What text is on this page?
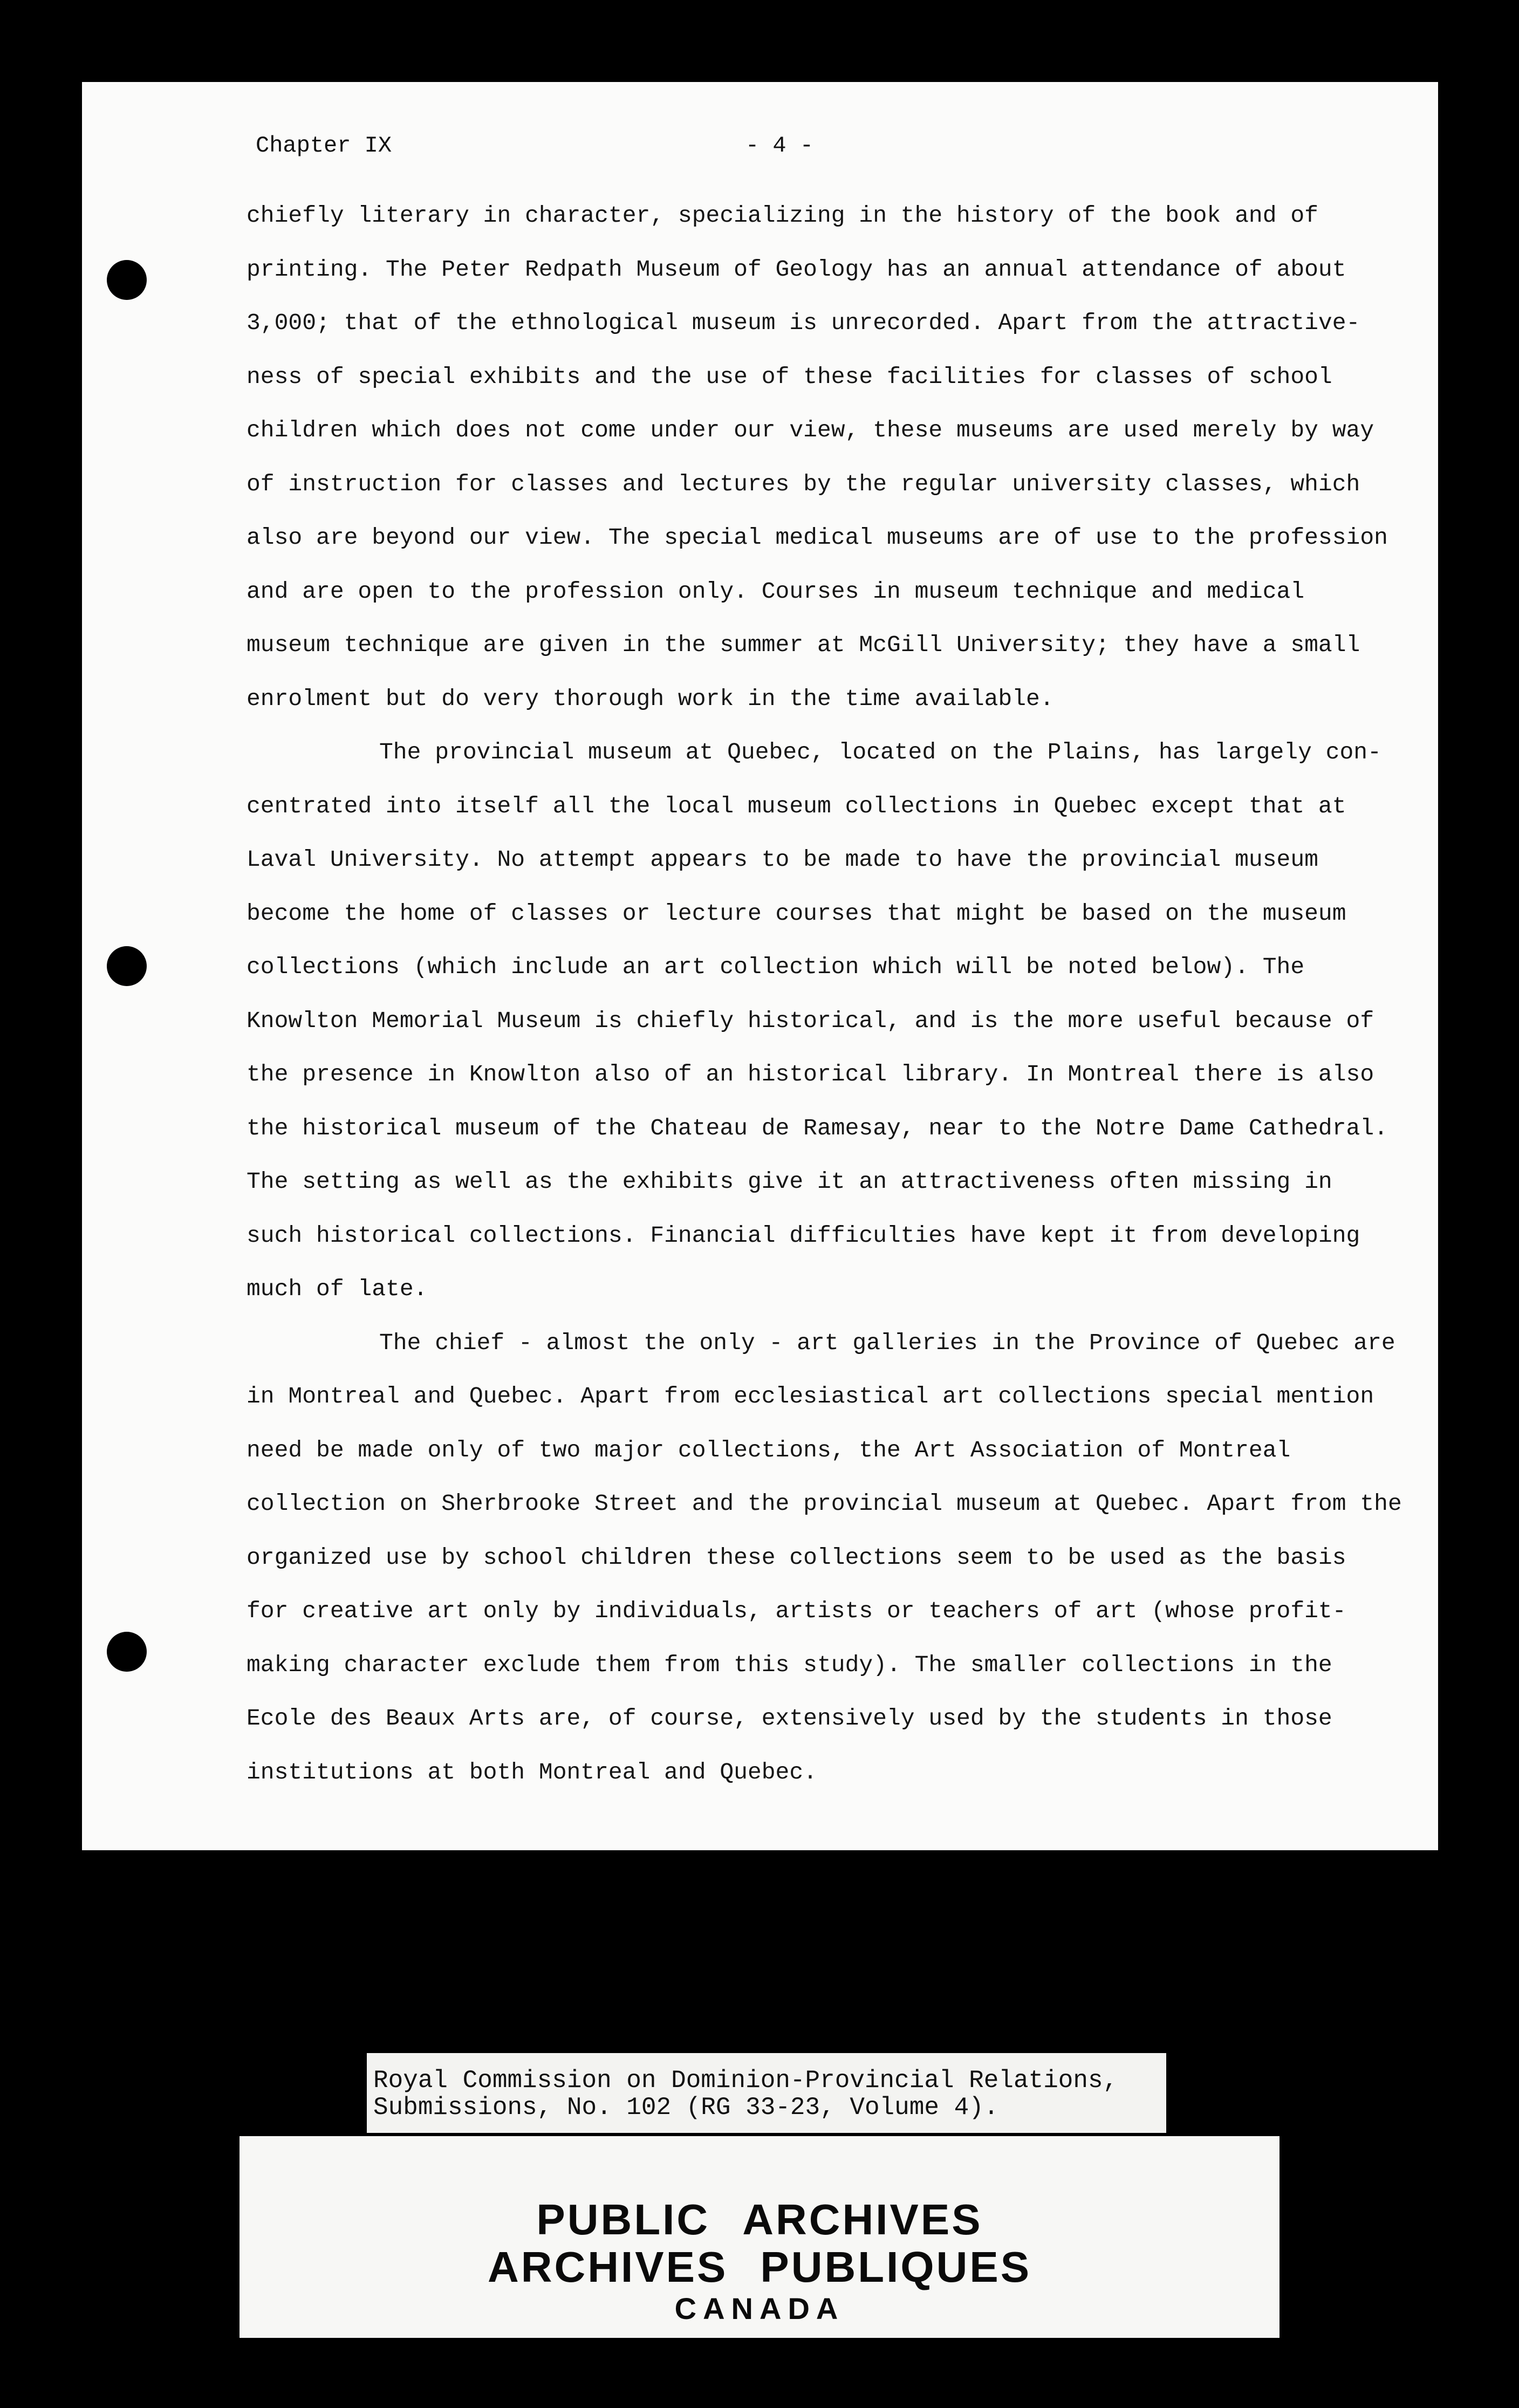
Chapter IX	- 4 -
chiefly literary in character, specializing in the history of the book and of
printing. The Peter Redpath Museum of Geology has an annual attendance of about
3,000; that of the ethnological museum is unrecorded. Apart from the attractive-
ness of special exhibits and the use of these facilities for classes of school
children which does not come under our view, these museums are used merely by way
of instruction for classes and lectures by the regular university classes, which
also are beyond our view. The special medical museums are of use to the profession
and are open to the profession only. Courses in museum technique and medical
museum technique are given in the summer at McGill University; they have a small
enrolment but do very thorough work in the time available.
The provincial museum at Quebec, located on the Plains, has largely con-
centrated into itself all the local museum collections in Quebec except that at
Laval University. No attempt appears to be made to have the provincial museum
become the home of classes or lecture courses that might be based on the museum
collections (which include an art collection which will be noted below). The
Knowlton Memorial Museum is chiefly historical, and is the more useful because of
the presence in Knowlton also of an historical library. In Montreal there is also
the historical museum of the Chateau de Ramesay, near to the Notre Dame Cathedral.
The setting as well as the exhibits give it an attractiveness often missing in
such historical collections. Financial difficulties have kept it from developing
much of late.
The chief - almost the only - art galleries in the Province of Quebec are
in Montreal and Quebec. Apart from ecclesiastical art collections special mention
need be made only of two major collections, the Art Association of Montreal
collection on Sherbrooke Street and the provincial museum at Quebec. Apart from the
organized use by school children these collections seem to be used as the basis
for creative art only by individuals, artists or teachers of art (whose profit-
making character exclude them from this study). The smaller collections in the
Ecole des Beaux Arts are, of course, extensively used by the students in those
institutions at both Montreal and Quebec.
Royal Commission on Dominion-Provincial Relations,
Submissions, No. 102 (RG 33-23, Volume 4).
PUBLIC ARCHIVES
ARCHIVES PUBLIQUES
CANADA
